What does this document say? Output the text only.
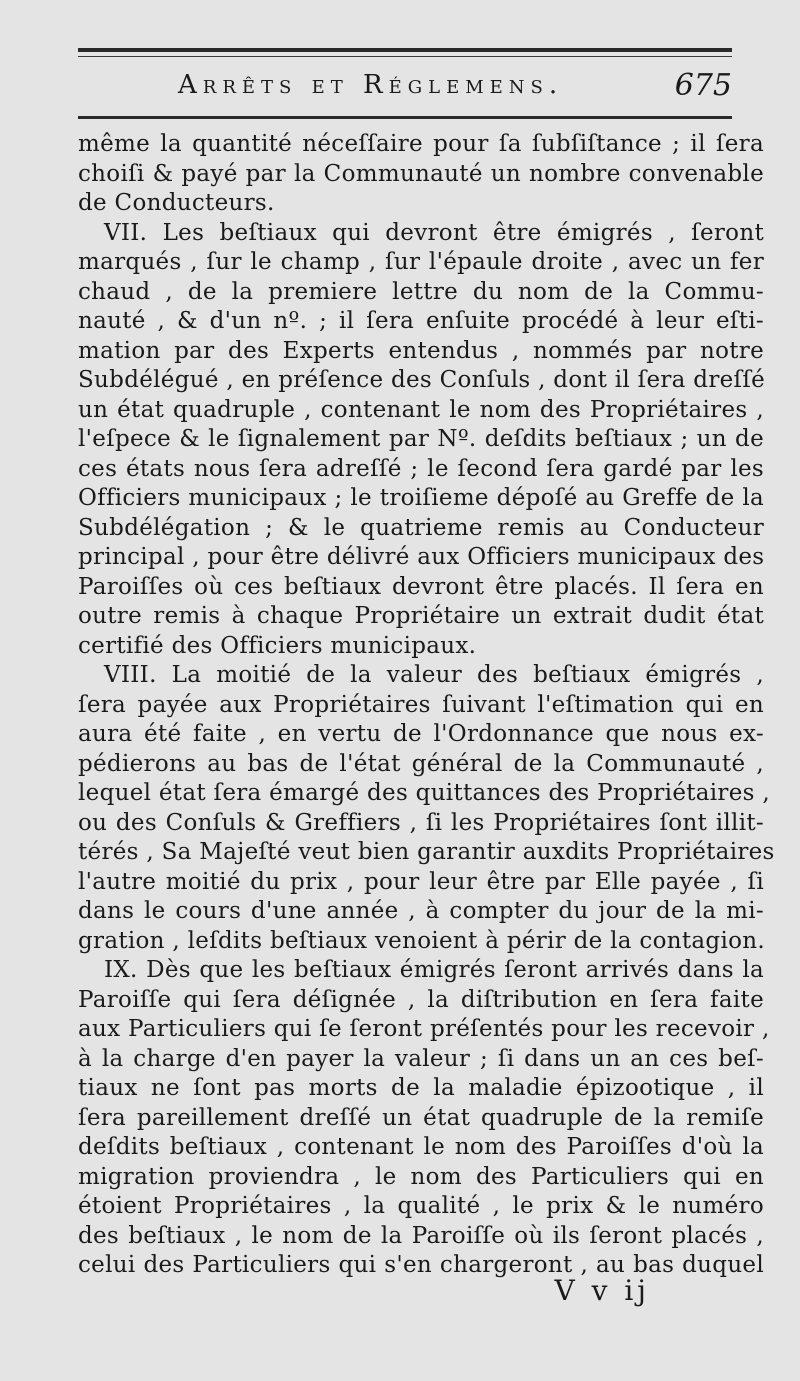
Arrêts et Réglemens.	675
même la quantité néceſſaire pour ſa ſubſiſtance ; il ſera
choiſi & payé par la Communauté un nombre convenable
de Conducteurs.
VII. Les beſtiaux qui devront être émigrés , ſeront
marqués , ſur le champ , ſur l'épaule droite , avec un fer
chaud , de la premiere lettre du nom de la Commu-
nauté , & d'un nº. ; il ſera enſuite procédé à leur eſti-
mation par des Experts entendus , nommés par notre
Subdélégué , en préſence des Conſuls , dont il ſera dreſſé
un état quadruple , contenant le nom des Propriétaires ,
l'eſpece & le ſignalement par Nº. deſdits beſtiaux ; un de
ces états nous ſera adreſſé ; le ſecond ſera gardé par les
Officiers municipaux ; le troiſieme dépoſé au Greffe de la
Subdélégation ; & le quatrieme remis au Conducteur
principal , pour être délivré aux Officiers municipaux des
Paroiſſes où ces beſtiaux devront être placés. Il ſera en
outre remis à chaque Propriétaire un extrait dudit état
certifié des Officiers municipaux.
VIII. La moitié de la valeur des beſtiaux émigrés ,
ſera payée aux Propriétaires ſuivant l'eſtimation qui en
aura été faite , en vertu de l'Ordonnance que nous ex-
pédierons au bas de l'état général de la Communauté ,
lequel état ſera émargé des quittances des Propriétaires ,
ou des Conſuls & Greffiers , ſi les Propriétaires ſont illit-
térés , Sa Majeſté veut bien garantir auxdits Propriétaires
l'autre moitié du prix , pour leur être par Elle payée , ſi
dans le cours d'une année , à compter du jour de la mi-
gration , leſdits beſtiaux venoient à périr de la contagion.
IX. Dès que les beſtiaux émigrés ſeront arrivés dans la
Paroiſſe qui ſera déſignée , la diſtribution en ſera faite
aux Particuliers qui ſe ſeront préſentés pour les recevoir ,
à la charge d'en payer la valeur ; ſi dans un an ces beſ-
tiaux ne ſont pas morts de la maladie épizootique , il
ſera pareillement dreſſé un état quadruple de la remiſe
deſdits beſtiaux , contenant le nom des Paroiſſes d'où la
migration proviendra , le nom des Particuliers qui en
étoient Propriétaires , la qualité , le prix & le numéro
des beſtiaux , le nom de la Paroiſſe où ils ſeront placés ,
celui des Particuliers qui s'en chargeront , au bas duquel
V v ij
